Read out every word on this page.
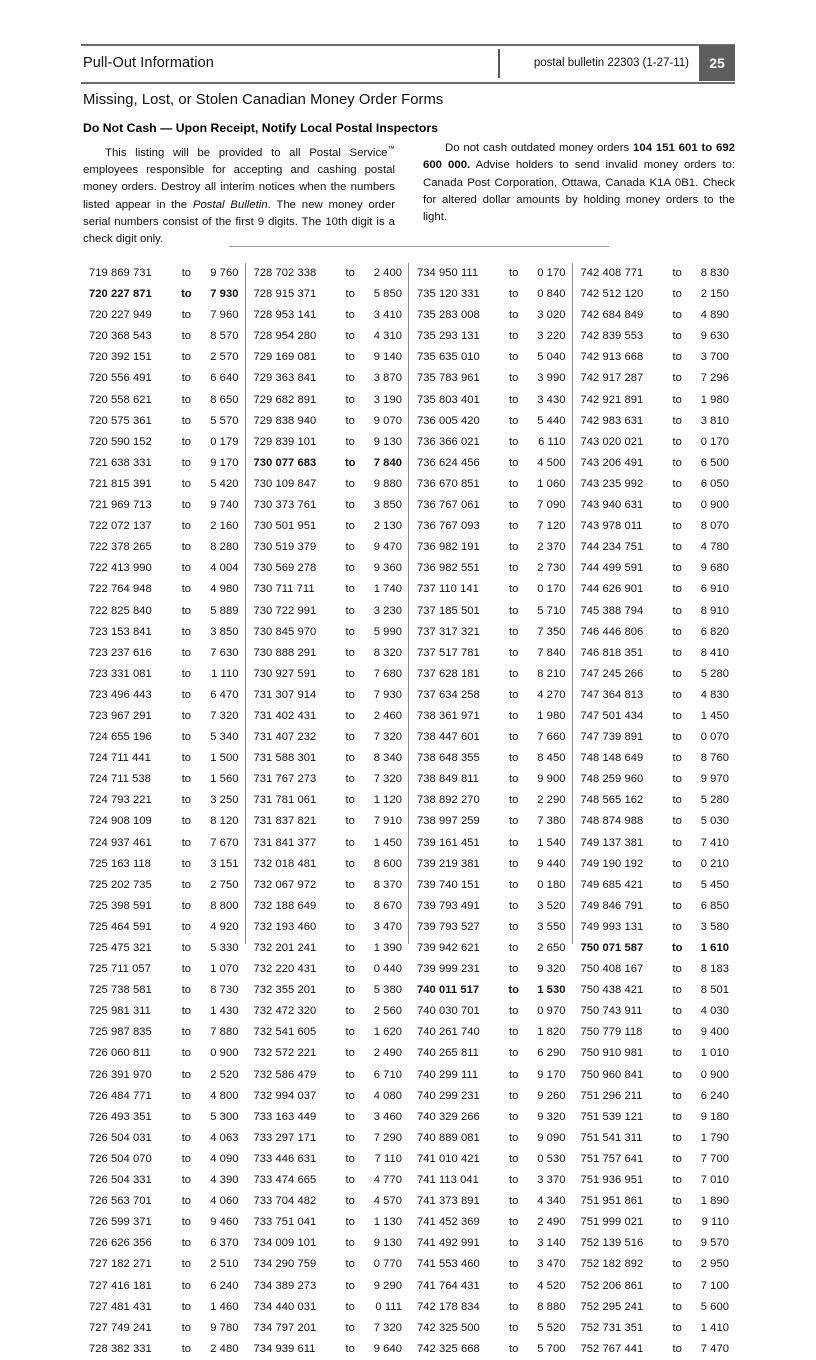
Pull-Out Information	postal bulletin 22303 (1-27-11)	25
Missing, Lost, or Stolen Canadian Money Order Forms
Do Not Cash — Upon Receipt, Notify Local Postal Inspectors

This listing will be provided to all Postal Service™ employees responsible for accepting and cashing postal money orders. Destroy all interim notices when the numbers listed appear in the Postal Bulletin. The new money order serial numbers consist of the first 9 digits. The 10th digit is a check digit only.

Do not cash outdated money orders 104 151 601 to 692 600 000. Advise holders to send invalid money orders to: Canada Post Corporation, Ottawa, Canada K1A 0B1. Check for altered dollar amounts by holding money orders to the light.

719 869 731	to	9 760
720 227 871	to	7 930
720 227 949	to	7 960
720 368 543	to	8 570
720 392 151	to	2 570
720 556 491	to	6 640
720 558 621	to	8 650
720 575 361	to	5 570
720 590 152	to	0 179
721 638 331	to	9 170
721 815 391	to	5 420
721 969 713	to	9 740
722 072 137	to	2 160
722 378 265	to	8 280
722 413 990	to	4 004
722 764 948	to	4 980
722 825 840	to	5 889
723 153 841	to	3 850
723 237 616	to	7 630
723 331 081	to	1 110
723 496 443	to	6 470
723 967 291	to	7 320
724 655 196	to	5 340
724 711 441	to	1 500
724 711 538	to	1 560
724 793 221	to	3 250
724 908 109	to	8 120
724 937 461	to	7 670
725 163 118	to	3 151
725 202 735	to	2 750
725 398 591	to	8 800
725 464 591	to	4 920
725 475 321	to	5 330
725 711 057	to	1 070
725 738 581	to	8 730
725 981 311	to	1 430
725 987 835	to	7 880
726 060 811	to	0 900
726 391 970	to	2 520
726 484 771	to	4 800
726 493 351	to	5 300
726 504 031	to	4 063
726 504 070	to	4 090
726 504 331	to	4 390
726 563 701	to	4 060
726 599 371	to	9 460
726 626 356	to	6 370
727 182 271	to	2 510
727 416 181	to	6 240
727 481 431	to	1 460
727 749 241	to	9 780
728 382 331	to	2 480
728 702 338	to	2 400
728 915 371	to	5 850
728 953 141	to	3 410
728 954 280	to	4 310
729 169 081	to	9 140
729 363 841	to	3 870
729 682 891	to	3 190
729 838 940	to	9 070
729 839 101	to	9 130
730 077 683	to	7 840
730 109 847	to	9 880
730 373 761	to	3 850
730 501 951	to	2 130
730 519 379	to	9 470
730 569 278	to	9 360
730 711 711	to	1 740
730 722 991	to	3 230
730 845 970	to	5 990
730 888 291	to	8 320
730 927 591	to	7 680
731 307 914	to	7 930
731 402 431	to	2 460
731 407 232	to	7 320
731 588 301	to	8 340
731 767 273	to	7 320
731 781 061	to	1 120
731 837 821	to	7 910
731 841 377	to	1 450
732 018 481	to	8 600
732 067 972	to	8 370
732 188 649	to	8 670
732 193 460	to	3 470
732 201 241	to	1 390
732 220 431	to	0 440
732 355 201	to	5 380
732 472 320	to	2 560
732 541 605	to	1 620
732 572 221	to	2 490
732 586 479	to	6 710
732 994 037	to	4 080
733 163 449	to	3 460
733 297 171	to	7 290
733 446 631	to	7 110
733 474 665	to	4 770
733 704 482	to	4 570
733 751 041	to	1 130
734 009 101	to	9 130
734 290 759	to	0 770
734 389 273	to	9 290
734 440 031	to	0 111
734 797 201	to	7 320
734 939 611	to	9 640
734 950 111	to	0 170
735 120 331	to	0 840
735 283 008	to	3 020
735 293 131	to	3 220
735 635 010	to	5 040
735 783 961	to	3 990
735 803 401	to	3 430
736 005 420	to	5 440
736 366 021	to	6 110
736 624 456	to	4 500
736 670 851	to	1 060
736 767 061	to	7 090
736 767 093	to	7 120
736 982 191	to	2 370
736 982 551	to	2 730
737 110 141	to	0 170
737 185 501	to	5 710
737 317 321	to	7 350
737 517 781	to	7 840
737 628 181	to	8 210
737 634 258	to	4 270
738 361 971	to	1 980
738 447 601	to	7 660
738 648 355	to	8 450
738 849 811	to	9 900
738 892 270	to	2 290
738 997 259	to	7 380
739 161 451	to	1 540
739 219 381	to	9 440
739 740 151	to	0 180
739 793 491	to	3 520
739 793 527	to	3 550
739 942 621	to	2 650
739 999 231	to	9 320
740 011 517	to	1 530
740 030 701	to	0 970
740 261 740	to	1 820
740 265 811	to	6 290
740 299 111	to	9 170
740 299 231	to	9 260
740 329 266	to	9 320
740 889 081	to	9 090
741 010 421	to	0 530
741 113 041	to	3 370
741 373 891	to	4 340
741 452 369	to	2 490
741 492 991	to	3 140
741 553 460	to	3 470
741 764 431	to	4 520
742 178 834	to	8 880
742 325 500	to	5 520
742 325 668	to	5 700
742 408 771	to	8 830
742 512 120	to	2 150
742 684 849	to	4 890
742 839 553	to	9 630
742 913 668	to	3 700
742 917 287	to	7 296
742 921 891	to	1 980
742 983 631	to	3 810
743 020 021	to	0 170
743 206 491	to	6 500
743 235 992	to	6 050
743 940 631	to	0 900
743 978 011	to	8 070
744 234 751	to	4 780
744 499 591	to	9 680
744 626 901	to	6 910
745 388 794	to	8 910
746 446 806	to	6 820
746 818 351	to	8 410
747 245 266	to	5 280
747 364 813	to	4 830
747 501 434	to	1 450
747 739 891	to	0 070
748 148 649	to	8 760
748 259 960	to	9 970
748 565 162	to	5 280
748 874 988	to	5 030
749 137 381	to	7 410
749 190 192	to	0 210
749 685 421	to	5 450
749 846 791	to	6 850
749 993 131	to	3 580
750 071 587	to	1 610
750 408 167	to	8 183
750 438 421	to	8 501
750 743 911	to	4 030
750 779 118	to	9 400
750 910 981	to	1 010
750 960 841	to	0 900
751 296 211	to	6 240
751 539 121	to	9 180
751 541 311	to	1 790
751 757 641	to	7 700
751 936 951	to	7 010
751 951 861	to	1 890
751 999 021	to	9 110
752 139 516	to	9 570
752 182 892	to	2 950
752 206 861	to	7 100
752 295 241	to	5 600
752 731 351	to	1 410
752 767 441	to	7 470
